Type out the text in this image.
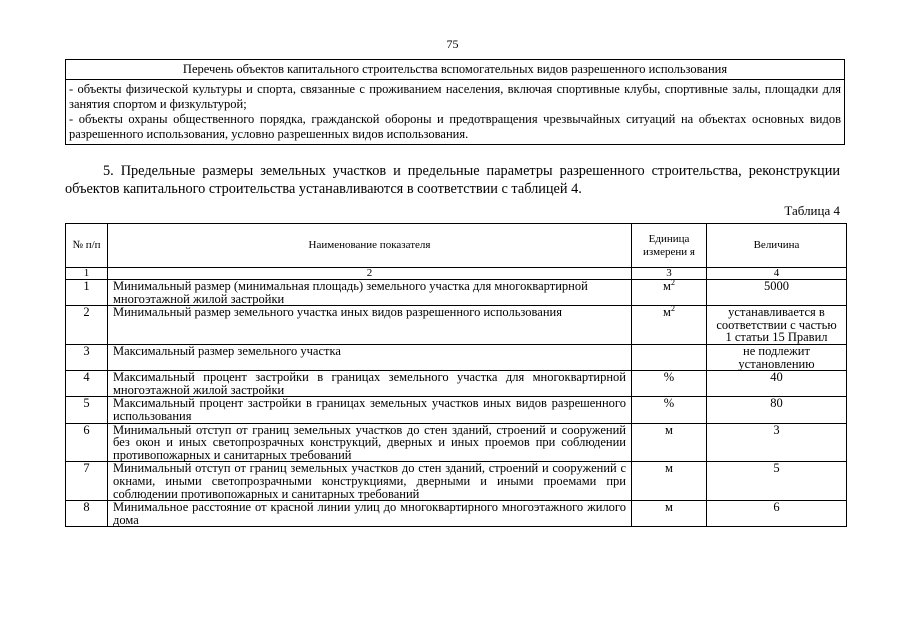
75
Перечень объектов капитального строительства вспомогательных видов разрешенного использования

- объекты физической культуры и спорта, связанные с проживанием населения, включая спортивные клубы, спортивные залы, площадки для занятия спортом и физкультурой;
- объекты охраны общественного порядка, гражданской обороны и предотвращения чрезвычайных ситуаций на объектах основных видов разрешенного использования, условно разрешенных видов использования.
5. Предельные размеры земельных участков и предельные параметры разрешенного строительства, реконструкции объектов капитального строительства устанавливаются в соответствии с таблицей 4.
Таблица 4
№ п/п	Наименование показателя	Единица измерени я	Величина
1	2	3	4
1	Минимальный размер (минимальная площадь) земельного участка для многоквартирной многоэтажной жилой застройки	$м^2$	5000
2	Минимальный размер земельного участка иных видов разрешенного использования	$м^2$	устанавливается в соответствии с частью 1 статьи 15 Правил
3	Максимальный размер земельного участка		не подлежит установлению
4	Максимальный процент застройки в границах земельного участка для многоквартирной многоэтажной жилой застройки	%	40
5	Максимальный процент застройки в границах земельных участков иных видов разрешенного использования	%	80
6	Минимальный отступ от границ земельных участков до стен зданий, строений и сооружений без окон и иных светопрозрачных конструкций, дверных и иных проемов при соблюдении противопожарных и санитарных требований	м	3
7	Минимальный отступ от границ земельных участков до стен зданий, строений и сооружений с окнами, иными светопрозрачными конструкциями, дверными и иными проемами при соблюдении противопожарных и санитарных требований	м	5
8	Минимальное расстояние от красной линии улиц до многоквартирного многоэтажного жилого дома	м	6
